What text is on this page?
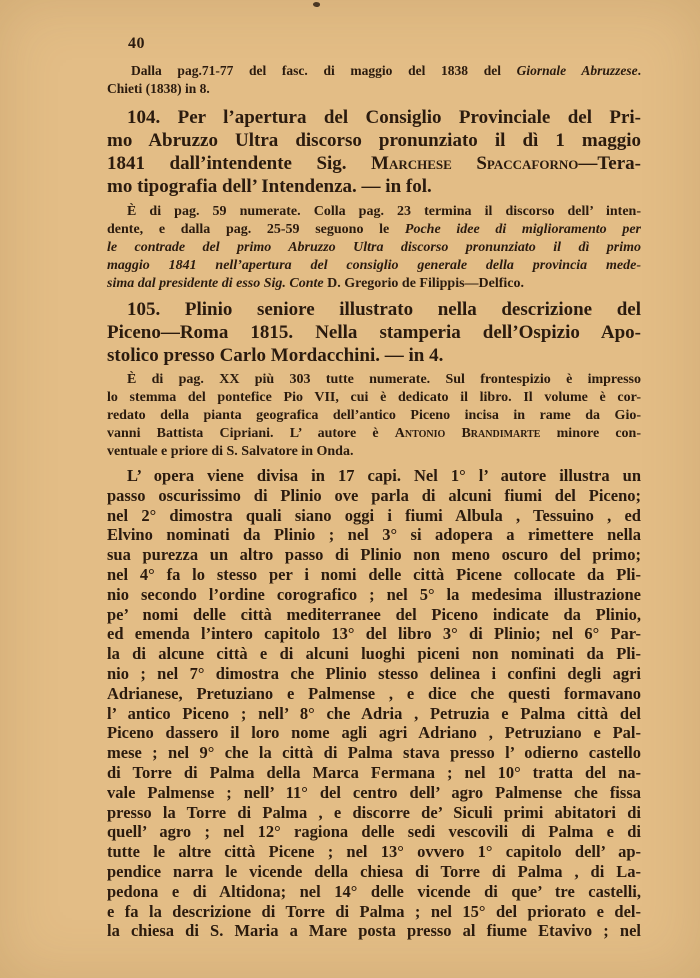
40
Dalla pag.71-77 del fasc. di maggio del 1838 del Giornale Abruzzese.
Chieti (1838) in 8.
104. Per l’apertura del Consiglio Provinciale del Pri-
mo Abruzzo Ultra discorso pronunziato il dì 1 maggio
1841 dall’intendente Sig. Marchese Spaccaforno—Tera-
mo tipografia dell’ Intendenza. — in fol.
È di pag. 59 numerate. Colla pag. 23 termina il discorso dell’ inten-
dente, e dalla pag. 25-59 seguono le Poche idee di miglioramento per
le contrade del primo Abruzzo Ultra discorso pronunziato il dì primo
maggio 1841 nell’apertura del consiglio generale della provincia mede-
sima dal presidente di esso Sig. Conte D. Gregorio de Filippis—Delfico.
105. Plinio seniore illustrato nella descrizione del
Piceno—Roma 1815. Nella stamperia dell’Ospizio Apo-
stolico presso Carlo Mordacchini. — in 4.
È di pag. XX più 303 tutte numerate. Sul frontespizio è impresso
lo stemma del pontefice Pio VII, cui è dedicato il libro. Il volume è cor-
redato della pianta geografica dell’antico Piceno incisa in rame da Gio-
vanni Battista Cipriani. L’ autore è Antonio Brandimarte minore con-
ventuale e priore di S. Salvatore in Onda.
L’ opera viene divisa in 17 capi. Nel 1° l’ autore illustra un
passo oscurissimo di Plinio ove parla di alcuni fiumi del Piceno;
nel 2° dimostra quali siano oggi i fiumi Albula , Tessuino , ed
Elvino nominati da Plinio ; nel 3° si adopera a rimettere nella
sua purezza un altro passo di Plinio non meno oscuro del primo;
nel 4° fa lo stesso per i nomi delle città Picene collocate da Pli-
nio secondo l’ordine corografico ; nel 5° la medesima illustrazione
pe’ nomi delle città mediterranee del Piceno indicate da Plinio,
ed emenda l’intero capitolo 13° del libro 3° di Plinio; nel 6° Par-
la di alcune città e di alcuni luoghi piceni non nominati da Pli-
nio ; nel 7° dimostra che Plinio stesso delinea i confini degli agri
Adrianese, Pretuziano e Palmense , e dice che questi formavano
l’ antico Piceno ; nell’ 8° che Adria , Petruzia e Palma città del
Piceno dassero il loro nome agli agri Adriano , Petruziano e Pal-
mese ; nel 9° che la città di Palma stava presso l’ odierno castello
di Torre di Palma della Marca Fermana ; nel 10° tratta del na-
vale Palmense ; nell’ 11° del centro dell’ agro Palmense che fissa
presso la Torre di Palma , e discorre de’ Siculi primi abitatori di
quell’ agro ; nel 12° ragiona delle sedi vescovili di Palma e di
tutte le altre città Picene ; nel 13° ovvero 1° capitolo dell’ ap-
pendice narra le vicende della chiesa di Torre di Palma , di La-
pedona e di Altidona; nel 14° delle vicende di que’ tre castelli,
e fa la descrizione di Torre di Palma ; nel 15° del priorato e del-
la chiesa di S. Maria a Mare posta presso al fiume Etavivo ; nel
